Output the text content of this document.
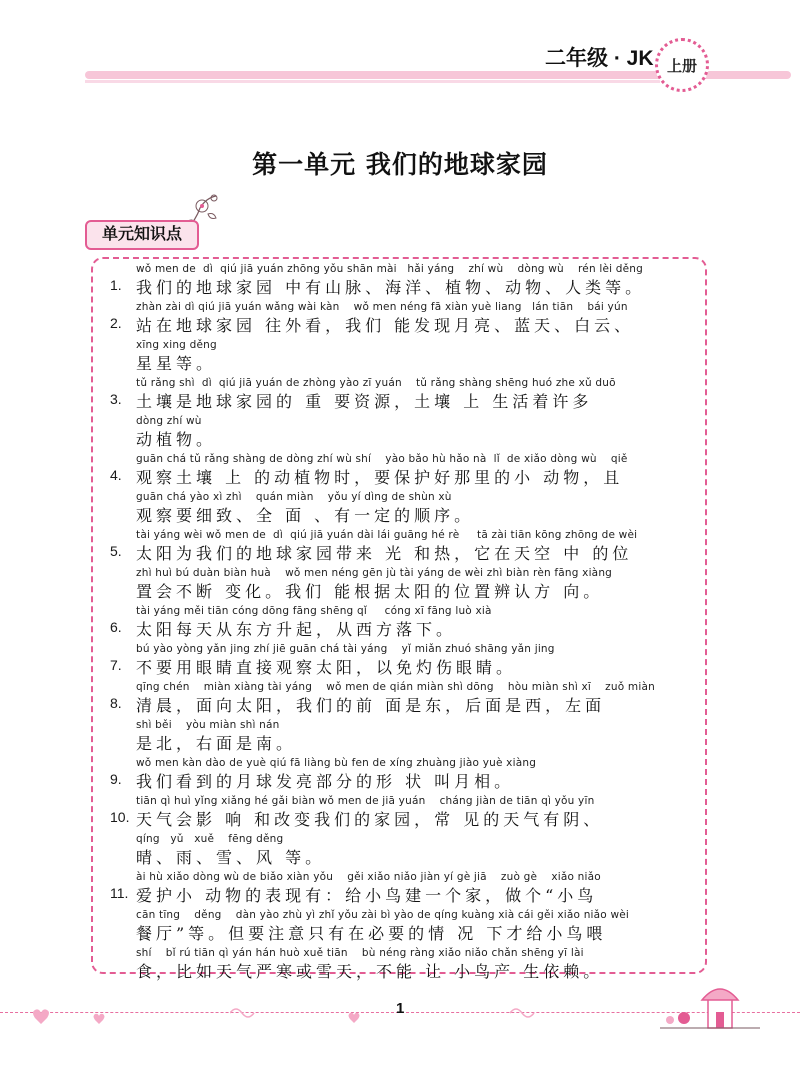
二年级 · JK 上册
第一单元 我们的地球家园
单元知识点
1.
wǒ men de  dì  qiú jiā yuán zhōng yǒu shān mài   hǎi yáng    zhí wù    dòng wù    rén lèi děng
我们的地球家园 中有山脉、海洋、植物、动物、人类等。
2.
zhàn zài dì qiú jiā yuán wǎng wài kàn    wǒ men néng fā xiàn yuè liang   lán tiān    bái yún
站在地球家园 往外看，我们 能发现月亮、蓝天、白云、
xīng xing děng
星星等。
3.
tǔ rǎng shì  dì  qiú jiā yuán de zhòng yào zī yuán    tǔ rǎng shàng shēng huó zhe xǔ duō
土壤是地球家园的 重 要资源，土壤 上 生活着许多
dòng zhí wù
动植物。
4.
guān chá tǔ rǎng shàng de dòng zhí wù shí    yào bǎo hù hǎo nà  lǐ  de xiǎo dòng wù    qiě
观察土壤 上 的动植物时，要保护好那里的小 动物，且
guān chá yào xì zhì    quán miàn    yǒu yí dìng de shùn xù
观察要细致、全 面 、有一定的顺序。
5.
tài yáng wèi wǒ men de  dì  qiú jiā yuán dài lái guāng hé rè     tā zài tiān kōng zhōng de wèi
太阳为我们的地球家园带来 光 和热，它在天空 中 的位
zhì huì bú duàn biàn huà    wǒ men néng gēn jù tài yáng de wèi zhì biàn rèn fāng xiàng
置会不断 变化。我们 能根据太阳的位置辨认方 向。
6.
tài yáng měi tiān cóng dōng fāng shēng qǐ     cóng xī fāng luò xià
太阳每天从东方升起，从西方落下。
7.
bú yào yòng yǎn jing zhí jiē guān chá tài yáng    yǐ miǎn zhuó shāng yǎn jing
不要用眼睛直接观察太阳，以免灼伤眼睛。
8.
qīng chén    miàn xiàng tài yáng    wǒ men de qián miàn shì dōng    hòu miàn shì xī    zuǒ miàn
清晨，面向太阳，我们的前 面是东，后面是西，左面
shì běi    yòu miàn shì nán
是北，右面是南。
9.
wǒ men kàn dào de yuè qiú fā liàng bù fen de xíng zhuàng jiào yuè xiàng
我们看到的月球发亮部分的形 状 叫月相。
10.
tiān qì huì yǐng xiǎng hé gǎi biàn wǒ men de jiā yuán    cháng jiàn de tiān qì yǒu yīn
天气会影 响 和改变我们的家园，常 见的天气有阴、
qíng   yǔ   xuě    fēng děng
晴、雨、雪、风 等。
11.
ài hù xiǎo dòng wù de biǎo xiàn yǒu    gěi xiǎo niǎo jiàn yí gè jiā    zuò gè    xiǎo niǎo
爱护小 动物的表现有：给小鸟建一个家，做个“小鸟
cān tīng    děng    dàn yào zhù yì zhǐ yǒu zài bì yào de qíng kuàng xià cái gěi xiǎo niǎo wèi
餐厅”等。但要注意只有在必要的情 况 下才给小鸟喂
shí    bǐ rú tiān qì yán hán huò xuě tiān    bù néng ràng xiǎo niǎo chǎn shēng yī lài
食，比如天气严寒或雪天，不能 让 小鸟产 生依赖。
1
